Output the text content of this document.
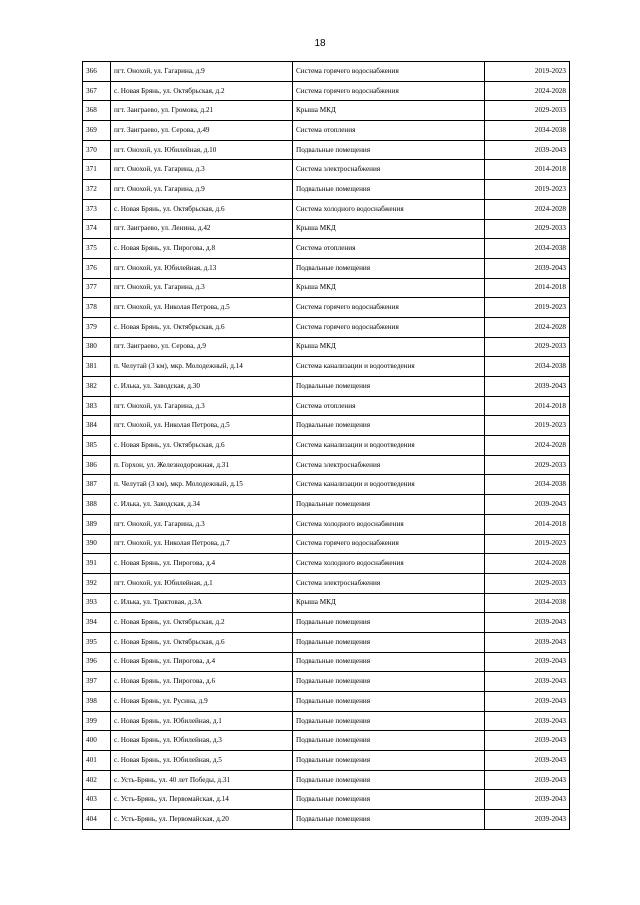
18
366	пгт. Онохой, ул. Гагарина, д.9	Система горячего водоснабжения	2019-2023
367	с. Новая Брянь, ул. Октябрьская, д.2	Система горячего водоснабжения	2024-2028
368	пгт. Заиграево, ул. Громова, д.21	Крыша МКД	2029-2033
369	пгт. Заиграево, ул. Серова, д.49	Система отопления	2034-2038
370	пгт. Онохой, ул. Юбилейная, д.10	Подвальные помещения	2039-2043
371	пгт. Онохой, ул. Гагарина, д.3	Система электроснабжения	2014-2018
372	пгт. Онохой, ул. Гагарина, д.9	Подвальные помещения	2019-2023
373	с. Новая Брянь, ул. Октябрьская, д.6	Система холодного водоснабжения	2024-2028
374	пгт. Заиграево, ул. Ленина, д.42	Крыша МКД	2029-2033
375	с. Новая Брянь, ул. Пирогова, д.8	Система отопления	2034-2038
376	пгт. Онохой, ул. Юбилейная, д.13	Подвальные помещения	2039-2043
377	пгт. Онохой, ул. Гагарина, д.3	Крыша МКД	2014-2018
378	пгт. Онохой, ул. Николая Петрова, д.5	Система горячего водоснабжения	2019-2023
379	с. Новая Брянь, ул. Октябрьская, д.6	Система горячего водоснабжения	2024-2028
380	пгт. Заиграево, ул. Серова, д.9	Крыша МКД	2029-2033
381	п. Челутай (3 км), мкр. Молодежный, д.14	Система канализации и водоотведения	2034-2038
382	с. Илька, ул. Заводская, д.30	Подвальные помещения	2039-2043
383	пгт. Онохой, ул. Гагарина, д.3	Система отопления	2014-2018
384	пгт. Онохой, ул. Николая Петрова, д.5	Подвальные помещения	2019-2023
385	с. Новая Брянь, ул. Октябрьская, д.6	Система канализации и водоотведения	2024-2028
386	п. Горхон, ул. Железнодорожная, д.31	Система электроснабжения	2029-2033
387	п. Челутай (3 км), мкр. Молодежный, д.15	Система канализации и водоотведения	2034-2038
388	с. Илька, ул. Заводская, д.34	Подвальные помещения	2039-2043
389	пгт. Онохой, ул. Гагарина, д.3	Система холодного водоснабжения	2014-2018
390	пгт. Онохой, ул. Николая Петрова, д.7	Система горячего водоснабжения	2019-2023
391	с. Новая Брянь, ул. Пирогова, д.4	Система холодного водоснабжения	2024-2028
392	пгт. Онохой, ул. Юбилейная, д.1	Система электроснабжения	2029-2033
393	с. Илька, ул. Трактовая, д.3А	Крыша МКД	2034-2038
394	с. Новая Брянь, ул. Октябрьская, д.2	Подвальные помещения	2039-2043
395	с. Новая Брянь, ул. Октябрьская, д.6	Подвальные помещения	2039-2043
396	с. Новая Брянь, ул. Пирогова, д.4	Подвальные помещения	2039-2043
397	с. Новая Брянь, ул. Пирогова, д.6	Подвальные помещения	2039-2043
398	с. Новая Брянь, ул. Русина, д.9	Подвальные помещения	2039-2043
399	с. Новая Брянь, ул. Юбилейная, д.1	Подвальные помещения	2039-2043
400	с. Новая Брянь, ул. Юбилейная, д.3	Подвальные помещения	2039-2043
401	с. Новая Брянь, ул. Юбилейная, д.5	Подвальные помещения	2039-2043
402	с. Усть-Брянь, ул. 40 лет Победы, д.31	Подвальные помещения	2039-2043
403	с. Усть-Брянь, ул. Первомайская, д.14	Подвальные помещения	2039-2043
404	с. Усть-Брянь, ул. Первомайская, д.20	Подвальные помещения	2039-2043
